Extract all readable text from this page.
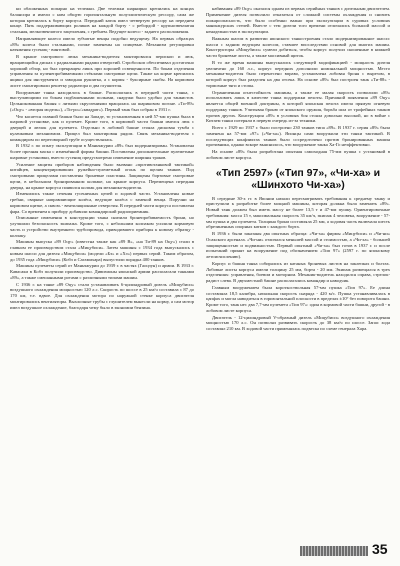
ки обложенных попарно на тележки. Две тележки шарнирно крепились на концах балансира и имели с ним общую горизонтальную полуэлиптическую рессору, сама же которая крепилась к борту корпуса. Передний каток имел четвертую рессору на переднем конце. Пять поддерживающих роликов на каждой борту - с ребордой - крупнозвенчатая стальная, мелкозвенчатого зацепления, с гребнем. Ведущее колесо - заднего расположения.

Направляющее колесо имело зубчатые венцы подобно ведущему. На первых образцах «89» колеса были стальными, позже заменены на спицевые. Механизм регулировки натяжения гусениц - винтовой.

В крыше смотрового люка механика-водителя монтировался перископ и люк, вращающийся дисках с радиальными рядами отверстий. Стробоскоп обеспечивал достаточно хороший обзор, но был прекращен лишь при хорошей освещенности. По бокам отделения управления за пуленепробиваемыми стёклами смотровые щели. Также на корме крепились ящики для инструмента и заводная рукоятка, а с кормы - буксирные скобы. На кормовом листе смонтировали решетку радиатора и два глушителя.

Вооружение танка находилось в башне. Располагаясь в передней части танка, с выступающими по бокам подбашенными полками, снаружи было удобно для танкистов. Цельнокованная башня с литыми скруглениями вращалась на шариковом погоне. «Ти-89» («Оцу» - «вторая модель»), «Ти-ро»/«квадрат»). Первый танк был собран в 1931 г.

Что касается главной башни было на Западе, то установленная в ней 57-мм пушка была в шаровой установке, как и пулемет. Кроме того, в кормовой части башни имелся люк с дверцей и лючок для пулемета. Отдельно в лобовой башне стояла дисковая тумба с кулачковым механизмом. Прицел был монтирован рядом. Связь механика-водителя с командиром по переговорной трубе осуществлялась.

В 1932 г. по опыту эксплуатации в Маньчжурии «89» был модернизирован. Установлена более прочная маска с изменённой формы башни. Поставлены дополнительные пулеметные шаровые установки, вместо гусениц предусмотрено изменение ширины траков.

Усиление защиты приборов наблюдения было вызвано «противотанковой тактикой» китайцев, концентрировавших ружейно-пулеметный огонь по щелям танков. Под смотровыми прицелами поставлены броневые пластины. Защищены бортовые смотровые щели, в небольшом бронированном колпаке, на крыше корпуса. Перемещена передняя дверца, на крыше корпуса появился колпак для механика-водителя.

Изменились также сечения гусеничных цепей и ходовой части. Установлены новые гребни, сварные направляющие колёса, ведущие колёса с заменой венца. Поручни на кормовом щитке, а сквозь - вентиляционные отверстия. В передней части корпуса поставлена фара. Со временем к прибору добавили командирский радиоприемник.

Описанные изменения в конструкции танка снизили бронепробиваемость брони, но улучшили безопасность экипажа. Кроме того, с небольшим колпаком усилили кормовую часть и устройство внутреннего трубопровода, приводившего приборы к новому образцу - колпаку.

Машины выпуска «89 Оцу» (известна также как «89 В», «на Ти-89 на Оцу») стали в главном ее производством стала «Мицубиси». Затем машины с 1934 года выпускались с новым шасси для дизеля «Мицубиси» (модели «Бэ» и «Хэ») первых серий. Таким образом, до 1935 года «Мицубиси» (Кобэ и Сагамихара) выпустили порядка 400 танков.

Машины пулеметы серий от Маньчжурии до 1939 г. в частях (Гаоцзун) и армии. В 1933 г. Кавасаки в Кобэ получили производство. Дивизионы японской армии располагали танками «89», а также смешанными ротами с различными типами машин.

С 1936 г. на танке «89 Оцу» стали устанавливать 6-цилиндровый дизель «Мицубиси» воздушного охлаждения мощностью 120 л.с. Скорость по шоссе в 25 км/ч составила с 87 до 170 км, т.е. вдвое. Для охлаждения мотора по наружной стенке корпуса двигателя монтировались вентиляторы. Выхлопные трубы с глушителем вынесли на корму, а сам мотор имел воздушное охлаждение, благодаря чему было в экономии бензина.

набивания «89 Оцу» оказался одним из первых серийных танков с дизельным двигателем. Применение дизеля позволило отказаться от сложной системы охлаждения и снизить пожароопасность, что было особенно важно при эксплуатации в суровых условиях маньчжурских степей. Вместе с тем дизели того времени отличались большой массой и ненадежностью в эксплуатации.

Важным шагом в развитии японского танкостроения стало модернизированное шасси: шасси с задним ведущим колесом, ставшее впоследствии основой для многих машин. Конструкторы «Мицубиси» сумели добиться, чтобы корпус получил скошенные в нижней части броневые листы, а также массивный щиток.

В то же время машины выпускались следующей модификацией - мощность дизеля увеличено до 160 л.с., корпус передних дополнили номинальной мощностью. Место механика-водителя было перенесено вправо, установлена лобовая броня с вырезом, в которой корпус был разделен на два отсека. На основе «89» был построен танк «Ти-88» - тормозные тяги и стопы.

Ограниченная огнестойкость машины, а также ее малая скорость позволили «89» использовать лишь в качестве танка поддержки пехоты. Причиной появления «89 Оцу» является общей военной доктрины, в которой японская пехота имела прямую огневую поддержку танков. Учитывая броню от японского оружия, борьба шла от трофейных танков против других. Конструкция «89» в условиях боя стояла довольно высокой, но в войне с Китаем танки потеряли в первую очередь из-за техники.

Всего с 1929 по 1937 г. было построено 230 танков типа «89». В 1937 г. серия «89» была заменена на 57-мм «97» («Чи-ха»). Японцы сами вооружили эти танки тактикой. В последующих конфликтах танков было сосредоточено против бронированных машин противника, однако вскоре выяснилось, что вооружение танка Ха-Го неэффективно.

На основе «89» была разработана опытная самоходная 75-мм пушка с установкой в лобовом листе корпуса.

«Тип 2597» («Тип 97», «Чи-ха» и «Шинхото Чи-ха»)

В середине 30-х гг. в Японии начали пересматривать требования к среднему танку и приступили к разработке более мощной машины, которая должна была заменить «89». Новый танк должен был иметь массу не более 13,5 т и 47-мм пушку. Ориентировочные требования: масса 15 т, максимальная скорость 35 км/ч, экипаж 4 человека, вооружение - 57-мм пушка и два пулемета. Толщина брони составляла 25 мм, а ходовая часть включала шесть обрезиненных опорных катков с каждого борта.

В 1936 г. были заказаны два опытных образца: «Чи-ха» фирмы «Мицубиси» и «Чи-ни» Осакского арсенала. «Чи-ни» отличался меньшей массой и стоимостью, а «Чи-ха» - большей защищенностью и подвижностью. Первый опытный «Чи-ха» был готов в 1937 г. и после испытаний принят на вооружение под обозначением «Тип 97» (2597 г. по японскому летоисчислению).

Корпус и башня танка собирались из катаных броневых листов на заклепках и болтах. Лобовые листы корпуса имели толщину 25 мм, борта - 20 мм. Экипаж размещался в трех отделениях: управления, боевом и моторном. Механик-водитель находился справа, стрелок-радист слева. В двухместной башне располагались командир и наводчик.

Главным вооружением была короткоствольная 57-мм пушка «Тип 97». Ее длина составляла 18,5 калибра, начальная скорость снаряда - 420 м/с. Пушка устанавливалась в цапфах и могла наводиться в горизонтальной плоскости в пределах ±10° без поворота башни. Кроме того, танк нес два 7,7-мм пулемета «Тип 97»: один в кормовой части башни, другой - в лобовом листе корпуса.

Двигатель - 12-цилиндровый V-образный дизель «Мицубиси» воздушного охлаждения мощностью 170 л.с. Он позволял развивать скорость до 38 км/ч по шоссе. Запас хода составлял 210 км. В ходовой части применялась подвеска по схеме генерала Хара.

35
